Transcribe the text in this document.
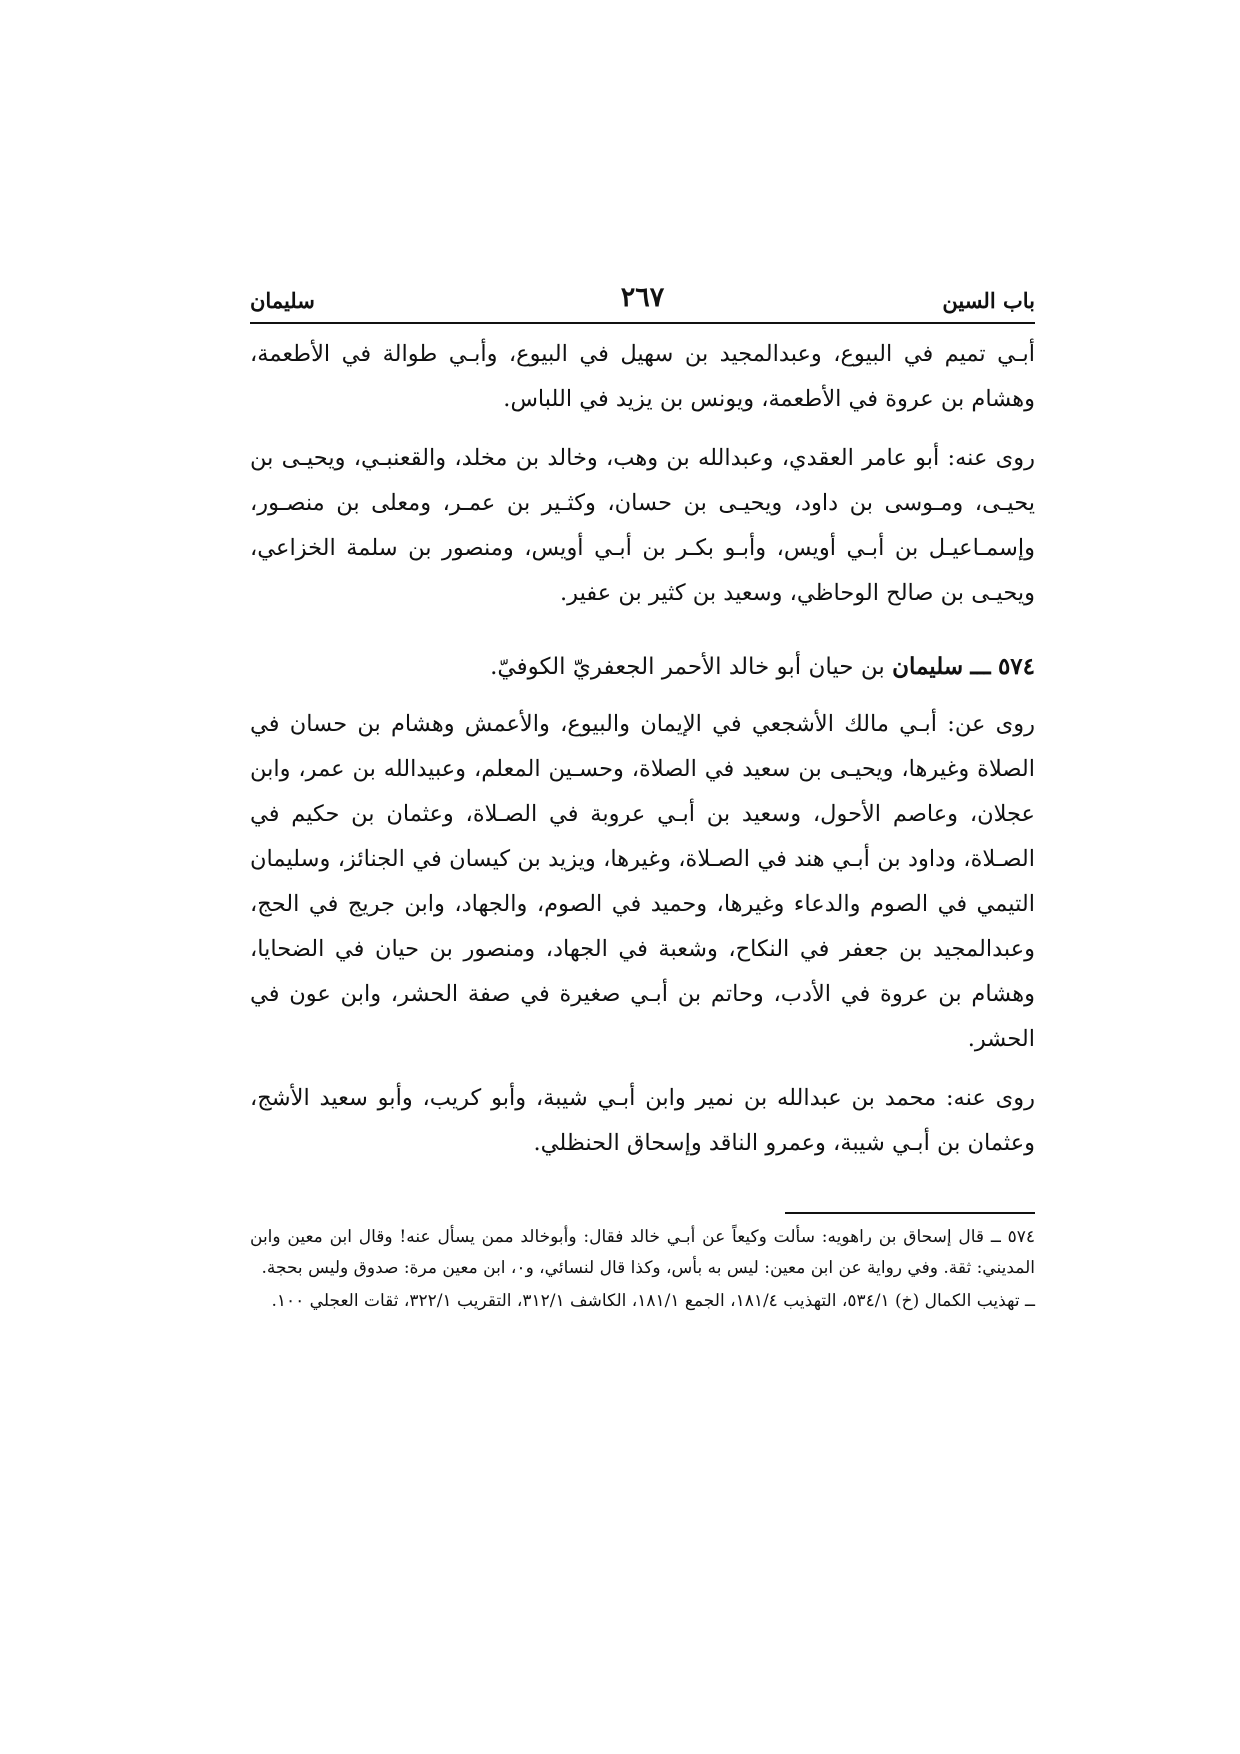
باب السين
٢٦٧
سليمان

أبـي تميم في البيوع، وعبدالمجيد بن سهيل في البيوع، وأبـي طوالة في الأطعمة، وهشام بن عروة في الأطعمة، ويونس بن يزيد في اللباس.

روى عنه: أبو عامر العقدي، وعبدالله بن وهب، وخالد بن مخلد، والقعنبـي، ويحيـى بن يحيـى، ومـوسى بن داود، ويحيـى بن حسان، وكثـير بن عمـر، ومعلى بن منصـور، وإسمـاعيـل بن أبـي أويس، وأبـو بكـر بن أبـي أويس، ومنصور بن سلمة الخزاعي، ويحيـى بن صالح الوحاظي، وسعيد بن كثير بن عفير.

٥٧٤ ـــ سليمان بن حيان أبو خالد الأحمر الجعفريّ الكوفيّ.

روى عن: أبـي مالك الأشجعي في الإيمان والبيوع، والأعمش وهشام بن حسان في الصلاة وغيرها، ويحيـى بن سعيد في الصلاة، وحسـين المعلم، وعبيدالله بن عمر، وابن عجلان، وعاصم الأحول، وسعيد بن أبـي عروبة في الصـلاة، وعثمان بن حكيم في الصـلاة، وداود بن أبـي هند في الصـلاة، وغيرها، ويزيد بن كيسان في الجنائز، وسليمان التيمي في الصوم والدعاء وغيرها، وحميد في الصوم، والجهاد، وابن جريج في الحج، وعبدالمجيد بن جعفر في النكاح، وشعبة في الجهاد، ومنصور بن حيان في الضحايا، وهشام بن عروة في الأدب، وحاتم بن أبـي صغيرة في صفة الحشر، وابن عون في الحشر.

روى عنه: محمد بن عبدالله بن نمير وابن أبـي شيبة، وأبو كريب، وأبو سعيد الأشج، وعثمان بن أبـي شيبة، وعمرو الناقد وإسحاق الحنظلي.

٥٧٤ ــ قال إسحاق بن راهويه: سألت وكيعاً عن أبـي خالد فقال: وأبوخالد ممن يسأل عنه! وقال ابن معين وابن المديني: ثقة. وفي رواية عن ابن معين: ليس به بأس، وكذا قال لنسائي، و٠، ابن معين مرة: صدوق وليس بحجة.

ــ تهذيب الكمال (خ) ٥٣٤/١، التهذيب ١٨١/٤، الجمع ١٨١/١، الكاشف ٣١٢/١، التقريب ٣٢٢/١، ثقات العجلي ١٠٠.
